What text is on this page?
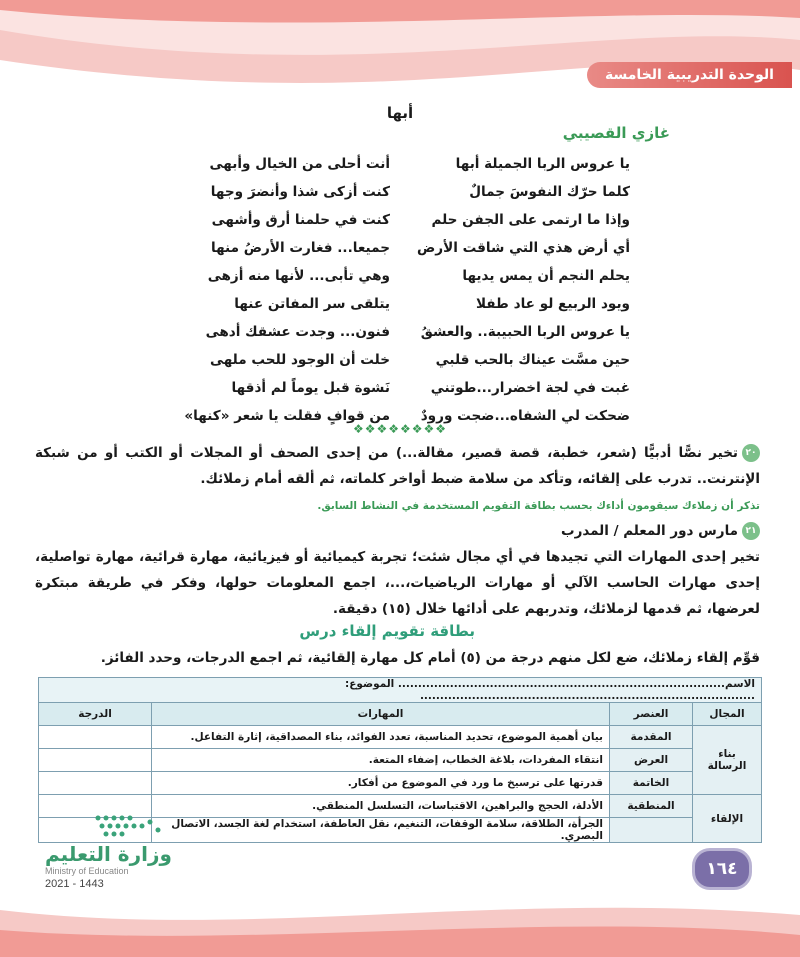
الوحدة التدريبية الخامسة
أبها
غازي القصيبي
يا عروس الربا الجميلة أبها
أنت أحلى من الخيال وأبهى
كلما حرّك النفوسَ جمالٌ
كنت أزكى شذا وأنضرَ وجها
وإذا ما ارتمى على الجفن حلم
كنت في حلمنا أرق وأشهى
أي أرض هذي التي شاقت الأرض
جميعا... فغارت الأرضُ منها
يحلم النجم أن يمس يديها
وهي تأبى... لأنها منه أزهى
ويود الربيع لو عاد طفلا
يتلقى سر المفاتن عنها
يا عروس الربا الحبيبة.. والعشقُ
فنون... وجدت عشقك أدهى
حين مسَّت عيناك بالحب قلبي
خلت أن الوجود للحب ملهى
غبت في لجة اخضرار...طوتني
نَشوة قبل يوماً لم أذقها
ضحكت لي الشفاه...ضجت ورودٌ
من قوافٍ فقلت يا شعر «كنها»
❖❖❖❖❖❖❖❖
٢٠تخير نصًّا أدبيًّا (شعر، خطبة، قصة قصير، مقالة...) من إحدى الصحف أو المجلات أو الكتب أو من شبكة الإنترنت.. تدرب على إلقائه، وتأكد من سلامة ضبط أواخر كلماته، ثم ألقه أمام زملائك.
تذكر أن زملاءك سيقومون أداءك بحسب بطاقة التقويم المستخدمة في النشاط السابق.
٢١مارس دور المعلم / المدرب
تخير إحدى المهارات التي تجيدها في أي مجال شئت؛ تجربة كيميائية أو فيزيائية، مهارة قرائية، مهارة تواصلية، إحدى مهارات الحاسب الآلي أو مهارات الرياضيات،...، اجمع المعلومات حولها، وفكر في طريقة مبتكرة لعرضها، ثم قدمها لزملائك، وتدربهم على أدائها خلال (١٥) دقيقة.
بطاقة تقويم إلقاء درس
قوِّم إلقاء زملائك، ضع لكل منهم درجة من (٥) أمام كل مهارة إلقائية، ثم اجمع الدرجات، وحدد الفائز.
الاسم.................................................................................. الموضوع: ....................................................................................			
المجال	العنصر	المهارات	الدرجة
بناء الرسالة	المقدمة	بيان أهمية الموضوع، تحديد المناسبة، تعدد الفوائد، بناء المصداقية، إثارة التفاعل.	
	العرض	انتقاء المفردات، بلاغة الخطاب، إضفاء المتعة.	
	الخاتمة	قدرتها على ترسيخ ما ورد في الموضوع من أفكار.	
الإلقاء	المنطقية	الأدلة، الحجج والبراهين، الاقتباسات، التسلسل المنطقي.	
		الجرأة، الطلاقة، سلامة الوقفات، التنغيم، نقل العاطفة، استخدام لغة الجسد، الاتصال البصري.	
وزارة التعليم
Ministry of Education
2021 - 1443
١٦٤
